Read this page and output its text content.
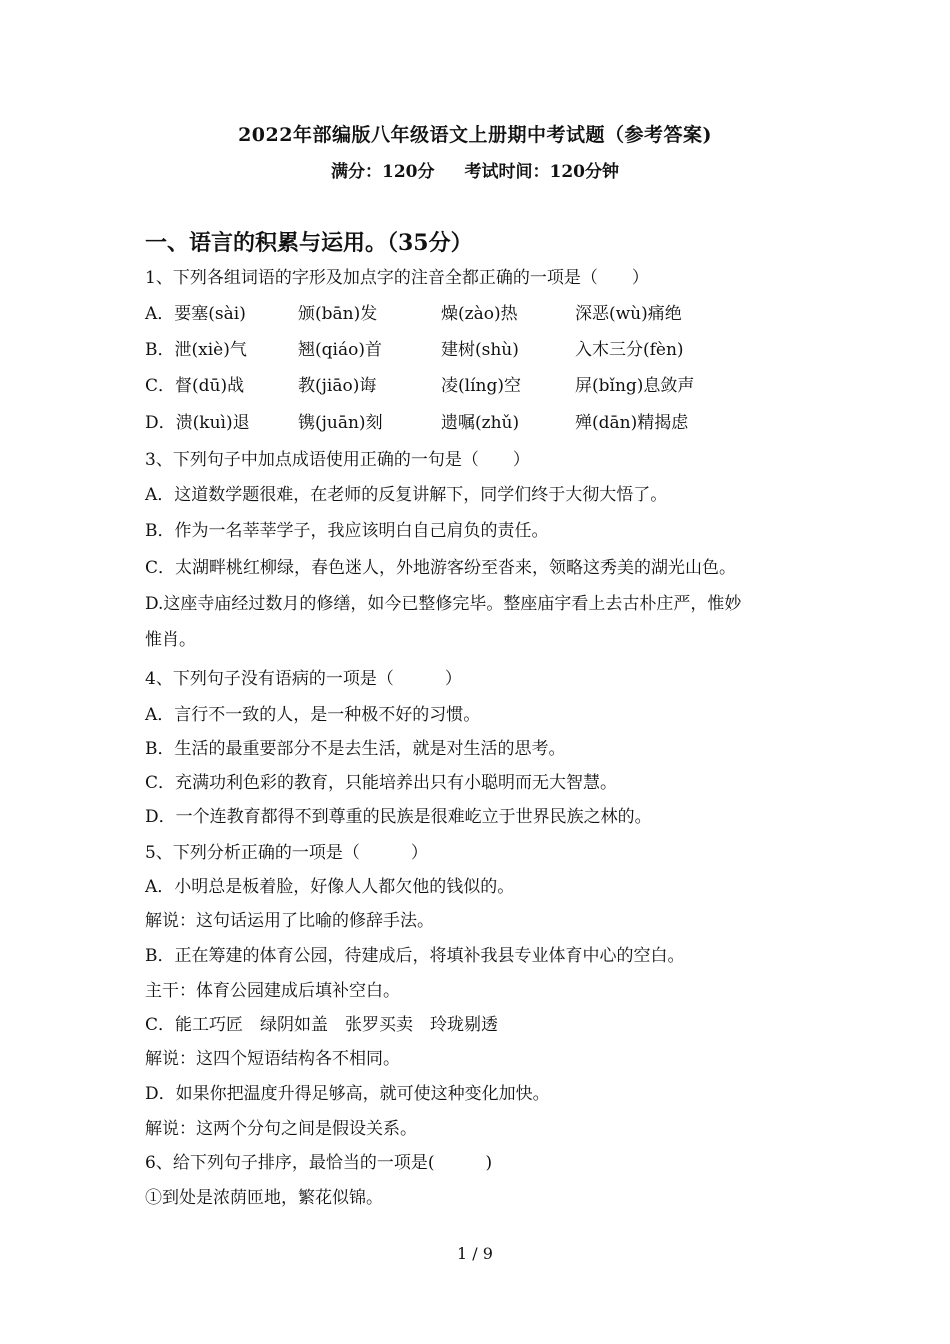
2022年部编版八年级语文上册期中考试题（参考答案)
满分：120分 考试时间：120分钟
一、语言的积累与运用。（35分）
1、下列各组词语的字形及加点字的注音全都正确的一项是（　　）
A．要塞(sài)	颁(bān)发	燥(zào)热	深恶(wù)痛绝
B．泄(xiè)气	翘(qiáo)首	建树(shù)	入木三分(fèn)
C．督(dū)战	教(jiāo)诲	凌(líng)空	屏(bǐng)息敛声
D．溃(kuì)退	镌(juān)刻	遗嘱(zhǔ)	殚(dān)精揭虑
3、下列句子中加点成语使用正确的一句是（　　）
A．这道数学题很难，在老师的反复讲解下，同学们终于大彻大悟了。
B．作为一名莘莘学子，我应该明白自己肩负的责任。
C．太湖畔桃红柳绿，春色迷人，外地游客纷至沓来，领略这秀美的湖光山色。
D.这座寺庙经过数月的修缮，如今已整修完毕。整座庙宇看上去古朴庄严，惟妙
惟肖。
4、下列句子没有语病的一项是（　　　）
A．言行不一致的人，是一种极不好的习惯。
B．生活的最重要部分不是去生活，就是对生活的思考。
C．充满功利色彩的教育，只能培养出只有小聪明而无大智慧。
D．一个连教育都得不到尊重的民族是很难屹立于世界民族之林的。
5、下列分析正确的一项是（　　　）
A．小明总是板着脸，好像人人都欠他的钱似的。
解说：这句话运用了比喻的修辞手法。
B．正在筹建的体育公园，待建成后，将填补我县专业体育中心的空白。
主干：体育公园建成后填补空白。
C．能工巧匠　绿阴如盖　张罗买卖　玲珑剔透
解说：这四个短语结构各不相同。
D．如果你把温度升得足够高，就可使这种变化加快。
解说：这两个分句之间是假设关系。
6、给下列句子排序，最恰当的一项是(　　　)
①到处是浓荫匝地，繁花似锦。
1 / 9
